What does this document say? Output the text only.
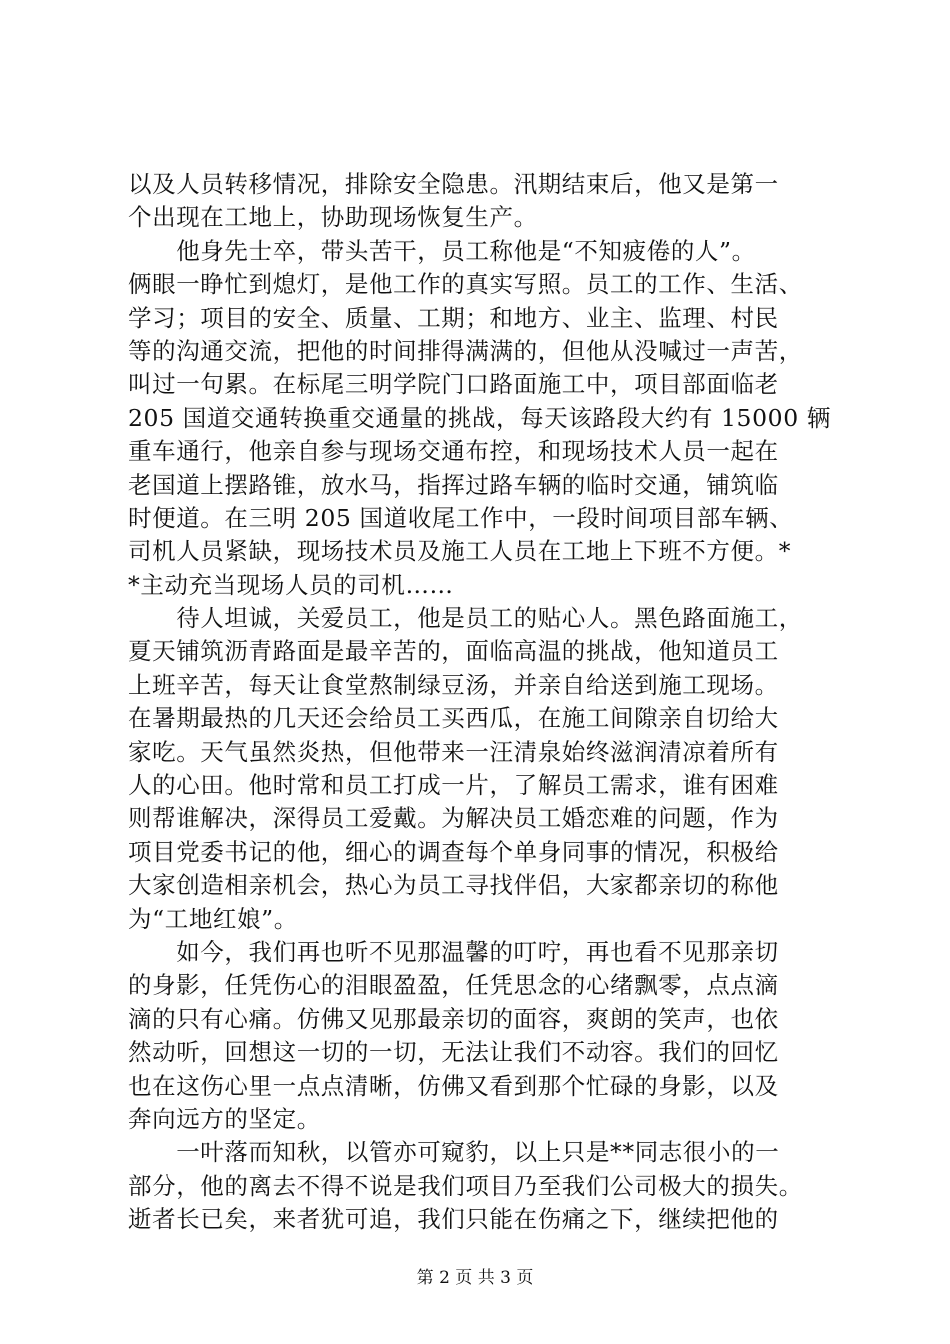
以及人员转移情况，排除安全隐患。汛期结束后，他又是第一
个出现在工地上，协助现场恢复生产。
　　他身先士卒，带头苦干，员工称他是“不知疲倦的人”。
俩眼一睁忙到熄灯，是他工作的真实写照。员工的工作、生活、
学习；项目的安全、质量、工期；和地方、业主、监理、村民
等的沟通交流，把他的时间排得满满的，但他从没喊过一声苦，
叫过一句累。在标尾三明学院门口路面施工中，项目部面临老
205 国道交通转换重交通量的挑战，每天该路段大约有 15000 辆
重车通行，他亲自参与现场交通布控，和现场技术人员一起在
老国道上摆路锥，放水马，指挥过路车辆的临时交通，铺筑临
时便道。在三明 205 国道收尾工作中，一段时间项目部车辆、
司机人员紧缺，现场技术员及施工人员在工地上下班不方便。*
*主动充当现场人员的司机……
　　待人坦诚，关爱员工，他是员工的贴心人。黑色路面施工，
夏天铺筑沥青路面是最辛苦的，面临高温的挑战，他知道员工
上班辛苦，每天让食堂熬制绿豆汤，并亲自给送到施工现场。
在暑期最热的几天还会给员工买西瓜，在施工间隙亲自切给大
家吃。天气虽然炎热，但他带来一汪清泉始终滋润清凉着所有
人的心田。他时常和员工打成一片，了解员工需求，谁有困难
则帮谁解决，深得员工爱戴。为解决员工婚恋难的问题，作为
项目党委书记的他，细心的调查每个单身同事的情况，积极给
大家创造相亲机会，热心为员工寻找伴侣，大家都亲切的称他
为“工地红娘”。
　　如今，我们再也听不见那温馨的叮咛，再也看不见那亲切
的身影，任凭伤心的泪眼盈盈，任凭思念的心绪飘零，点点滴
滴的只有心痛。仿佛又见那最亲切的面容，爽朗的笑声，也依
然动听，回想这一切的一切，无法让我们不动容。我们的回忆
也在这伤心里一点点清晰，仿佛又看到那个忙碌的身影，以及
奔向远方的坚定。
　　一叶落而知秋，以管亦可窥豹，以上只是**同志很小的一
部分，他的离去不得不说是我们项目乃至我们公司极大的损失。
逝者长已矣，来者犹可追，我们只能在伤痛之下，继续把他的
第 2 页 共 3 页
